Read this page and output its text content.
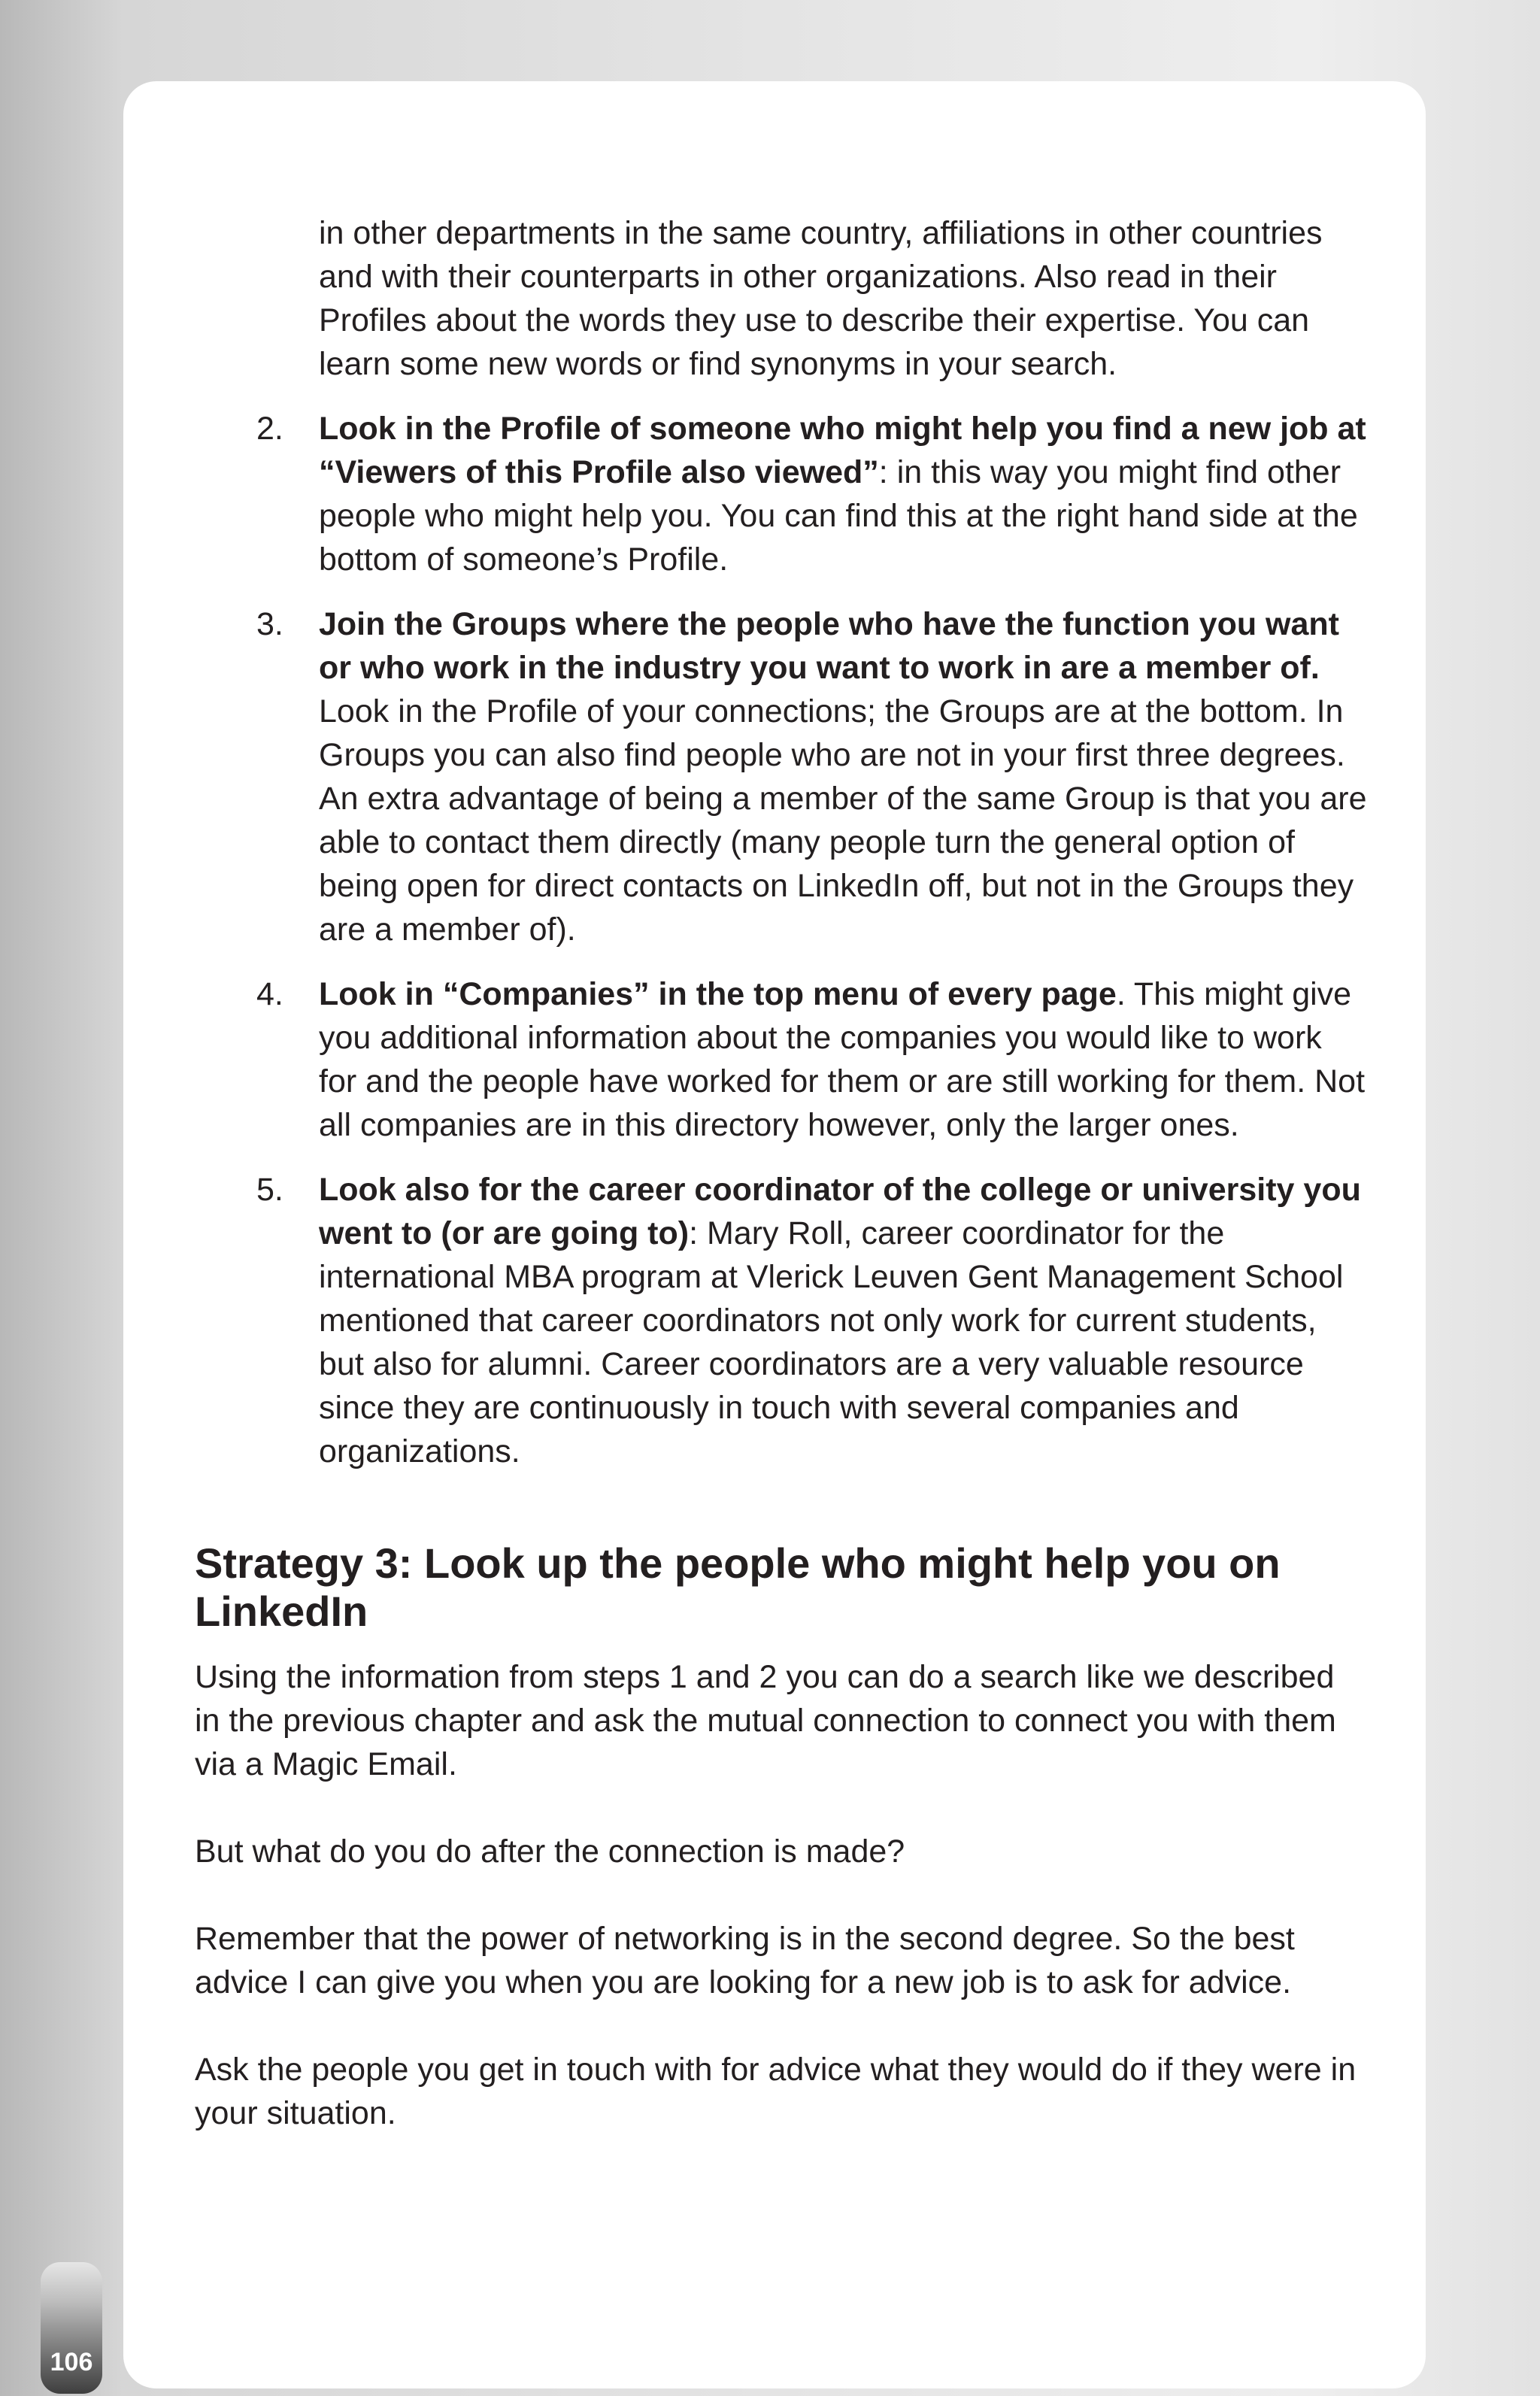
in other departments in the same country, affiliations in other countries and with their counterparts in other organizations. Also read in their Profiles about the words they use to describe their expertise. You can learn some new words or find synonyms in your search.

2. Look in the Profile of someone who might help you find a new job at “Viewers of this Profile also viewed”: in this way you might find other people who might help you. You can find this at the right hand side at the bottom of someone’s Profile.
3. Join the Groups where the people who have the function you want or who work in the industry you want to work in are a member of. Look in the Profile of your connections; the Groups are at the bottom. In Groups you can also find people who are not in your first three degrees. An extra advantage of being a member of the same Group is that you are able to contact them directly (many people turn the general option of being open for direct contacts on LinkedIn off, but not in the Groups they are a member of).
4. Look in “Companies” in the top menu of every page. This might give you additional information about the companies you would like to work for and the people have worked for them or are still working for them. Not all companies are in this directory however, only the larger ones.
5. Look also for the career coordinator of the college or university you went to (or are going to): Mary Roll, career coordinator for the international MBA program at Vlerick Leuven Gent Management School mentioned that career coordinators not only work for current students, but also for alumni. Career coordinators are a very valuable resource since they are continuously in touch with several companies and organizations.
Strategy 3: Look up the people who might help you on LinkedIn

Using the information from steps 1 and 2 you can do a search like we described in the previous chapter and ask the mutual connection to connect you with them via a Magic Email.

But what do you do after the connection is made?

Remember that the power of networking is in the second degree. So the best advice I can give you when you are looking for a new job is to ask for advice.

Ask the people you get in touch with for advice what they would do if they were in your situation.

106
